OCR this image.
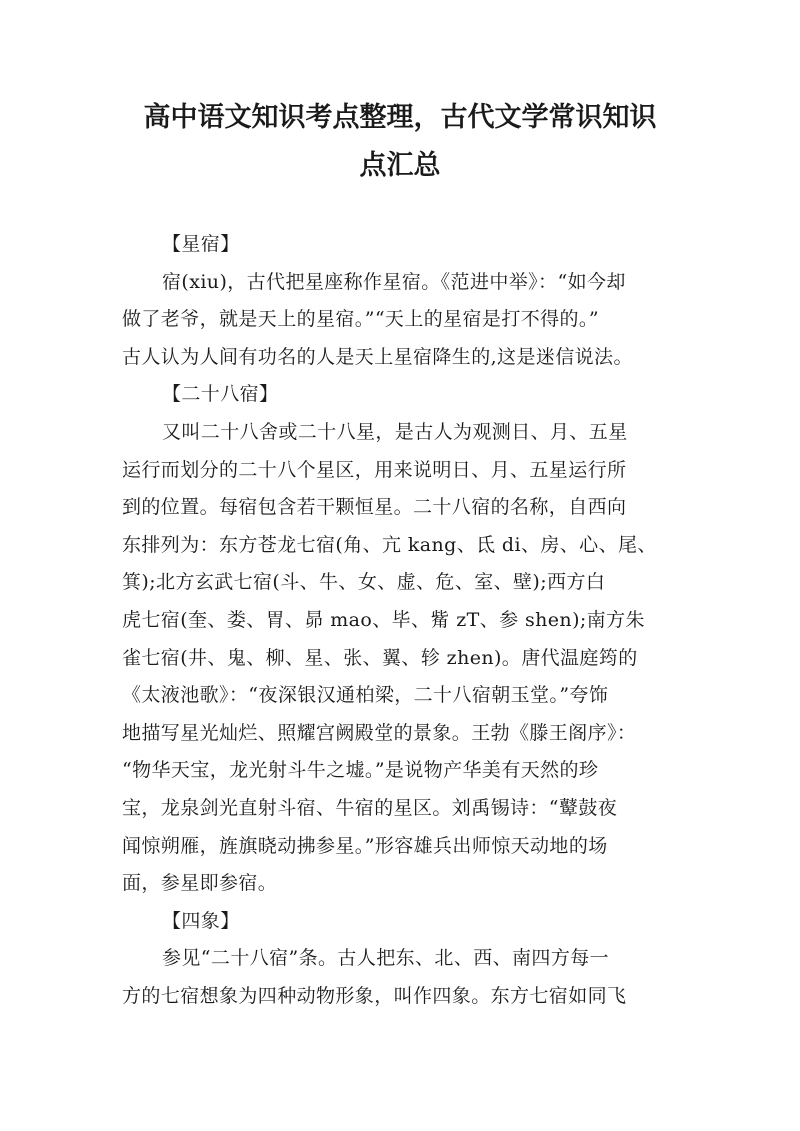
高中语文知识考点整理，古代文学常识知识
点汇总
【星宿】
宿(xiu)，古代把星座称作星宿。《范进中举》：“如今却
做了老爷，就是天上的星宿。”“天上的星宿是打不得的。”
古人认为人间有功名的人是天上星宿降生的,这是迷信说法。
【二十八宿】
又叫二十八舍或二十八星，是古人为观测日、月、五星
运行而划分的二十八个星区，用来说明日、月、五星运行所
到的位置。每宿包含若干颗恒星。二十八宿的名称，自西向
东排列为：东方苍龙七宿(角、亢 kang、氐 di、房、心、尾、
箕);北方玄武七宿(斗、牛、女、虚、危、室、壁);西方白
虎七宿(奎、娄、胃、昴 mao、毕、觜 zT、参 shen);南方朱
雀七宿(井、鬼、柳、星、张、翼、轸 zhen)。唐代温庭筠的
《太液池歌》：“夜深银汉通柏梁，二十八宿朝玉堂。”夸饰
地描写星光灿烂、照耀宫阙殿堂的景象。王勃《滕王阁序》：
“物华天宝，龙光射斗牛之墟。”是说物产华美有天然的珍
宝，龙泉剑光直射斗宿、牛宿的星区。刘禹锡诗：“鼙鼓夜
闻惊朔雁，旌旗晓动拂参星。”形容雄兵出师惊天动地的场
面，参星即参宿。
【四象】
参见“二十八宿”条。古人把东、北、西、南四方每一
方的七宿想象为四种动物形象，叫作四象。东方七宿如同飞
